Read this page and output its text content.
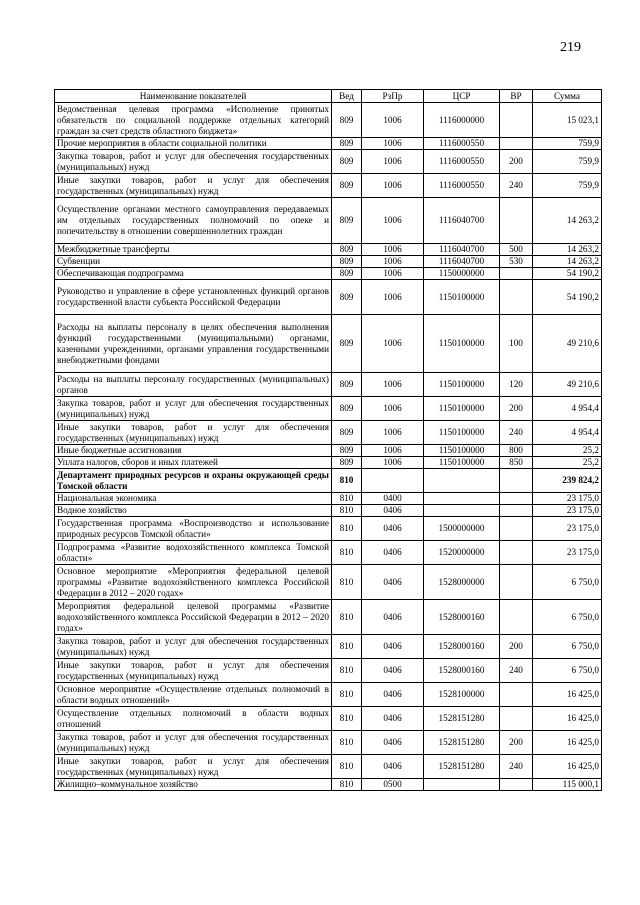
219
Наименование показателей	Вед	РзПр	ЦСР	ВР	Сумма
Ведомственная целевая программа «Исполнение принятых обязательств по социальной поддержке отдельных категорий граждан за счет средств областного бюджета»	809	1006	1116000000		15 023,1
Прочие мероприятия в области социальной политики	809	1006	1116000550		759,9
Закупка товаров, работ и услуг для обеспечения государственных (муниципальных) нужд	809	1006	1116000550	200	759,9
Иные закупки товаров, работ и услуг для обеспечения государственных (муниципальных) нужд	809	1006	1116000550	240	759,9
Осуществление органами местного самоуправления передаваемых им отдельных государственных полномочий по опеке и попечительству в отношении совершеннолетних граждан	809	1006	1116040700		14 263,2
Межбюджетные трансферты	809	1006	1116040700	500	14 263,2
Субвенции	809	1006	1116040700	530	14 263,2
Обеспечивающая подпрограмма	809	1006	1150000000		54 190,2
Руководство и управление в сфере установленных функций органов государственной власти субъекта Российской Федерации	809	1006	1150100000		54 190,2
Расходы на выплаты персоналу в целях обеспечения выполнения функций государственными (муниципальными) органами, казенными учреждениями, органами управления государственными внебюджетными фондами	809	1006	1150100000	100	49 210,6
Расходы на выплаты персоналу государственных (муниципальных) органов	809	1006	1150100000	120	49 210,6
Закупка товаров, работ и услуг для обеспечения государственных (муниципальных) нужд	809	1006	1150100000	200	4 954,4
Иные закупки товаров, работ и услуг для обеспечения государственных (муниципальных) нужд	809	1006	1150100000	240	4 954,4
Иные бюджетные ассигнования	809	1006	1150100000	800	25,2
Уплата налогов, сборов и иных платежей	809	1006	1150100000	850	25,2
Департамент природных ресурсов и охраны окружающей среды Томской области	810				239 824,2
Национальная экономика	810	0400			23 175,0
Водное хозяйство	810	0406			23 175,0
Государственная программа «Воспроизводство и использование природных ресурсов Томской области»	810	0406	1500000000		23 175,0
Подпрограмма «Развитие водохозяйственного комплекса Томской области»	810	0406	1520000000		23 175,0
Основное мероприятие «Мероприятия федеральной целевой программы «Развитие водохозяйственного комплекса Российской Федерации в 2012 – 2020 годах»	810	0406	1528000000		6 750,0
Мероприятия федеральной целевой программы «Развитие водохозяйственного комплекса Российской Федерации в 2012 – 2020 годах»	810	0406	1528000160		6 750,0
Закупка товаров, работ и услуг для обеспечения государственных (муниципальных) нужд	810	0406	1528000160	200	6 750,0
Иные закупки товаров, работ и услуг для обеспечения государственных (муниципальных) нужд	810	0406	1528000160	240	6 750,0
Основное мероприятие «Осуществление отдельных полномочий в области водных отношений»	810	0406	1528100000		16 425,0
Осуществление отдельных полномочий в области водных отношений	810	0406	1528151280		16 425,0
Закупка товаров, работ и услуг для обеспечения государственных (муниципальных) нужд	810	0406	1528151280	200	16 425,0
Иные закупки товаров, работ и услуг для обеспечения государственных (муниципальных) нужд	810	0406	1528151280	240	16 425,0
Жилищно–коммунальное хозяйство	810	0500			115 000,1
